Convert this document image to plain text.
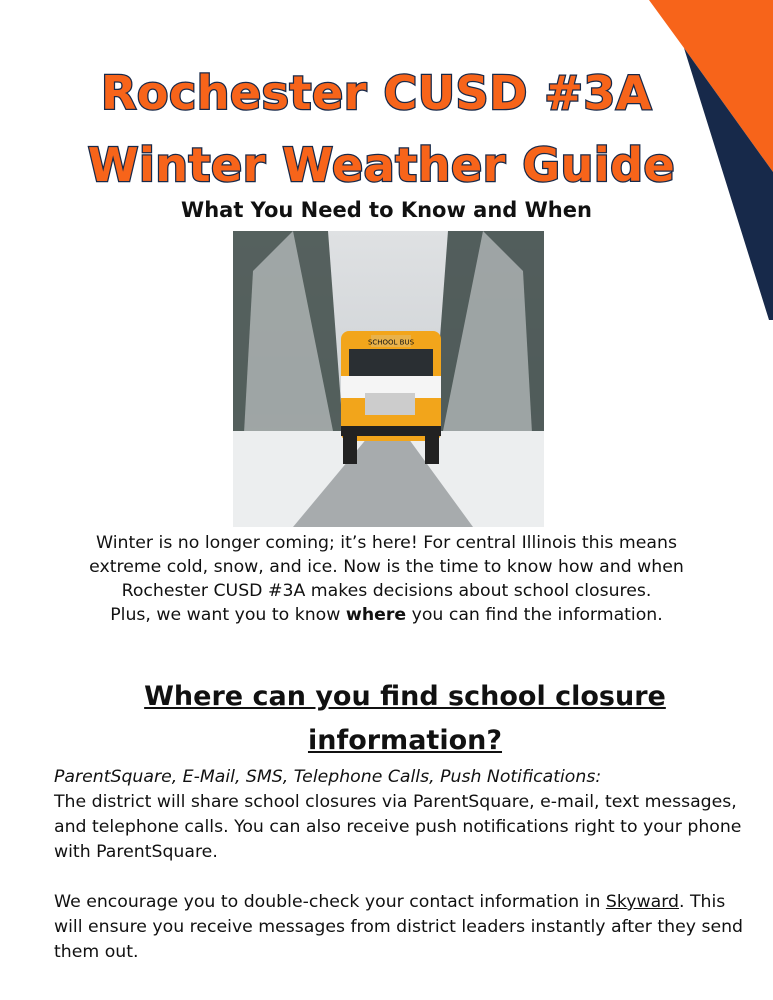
Rochester CUSD #3A
Winter Weather Guide
What You Need to Know and When
SCHOOL BUS
Winter is no longer coming; it’s here! For central Illinois this means
extreme cold, snow, and ice. Now is the time to know how and when
Rochester CUSD #3A makes decisions about school closures.
Plus, we want you to know where you can find the information.
Where can you find school closure information?

ParentSquare, E-Mail, SMS, Telephone Calls, Push Notifications:

The district will share school closures via ParentSquare, e-mail, text messages, and telephone calls. You can also receive push notifications right to your phone with ParentSquare.

We encourage you to double-check your contact information in Skyward. This will ensure you receive messages from district leaders instantly after they send them out.
